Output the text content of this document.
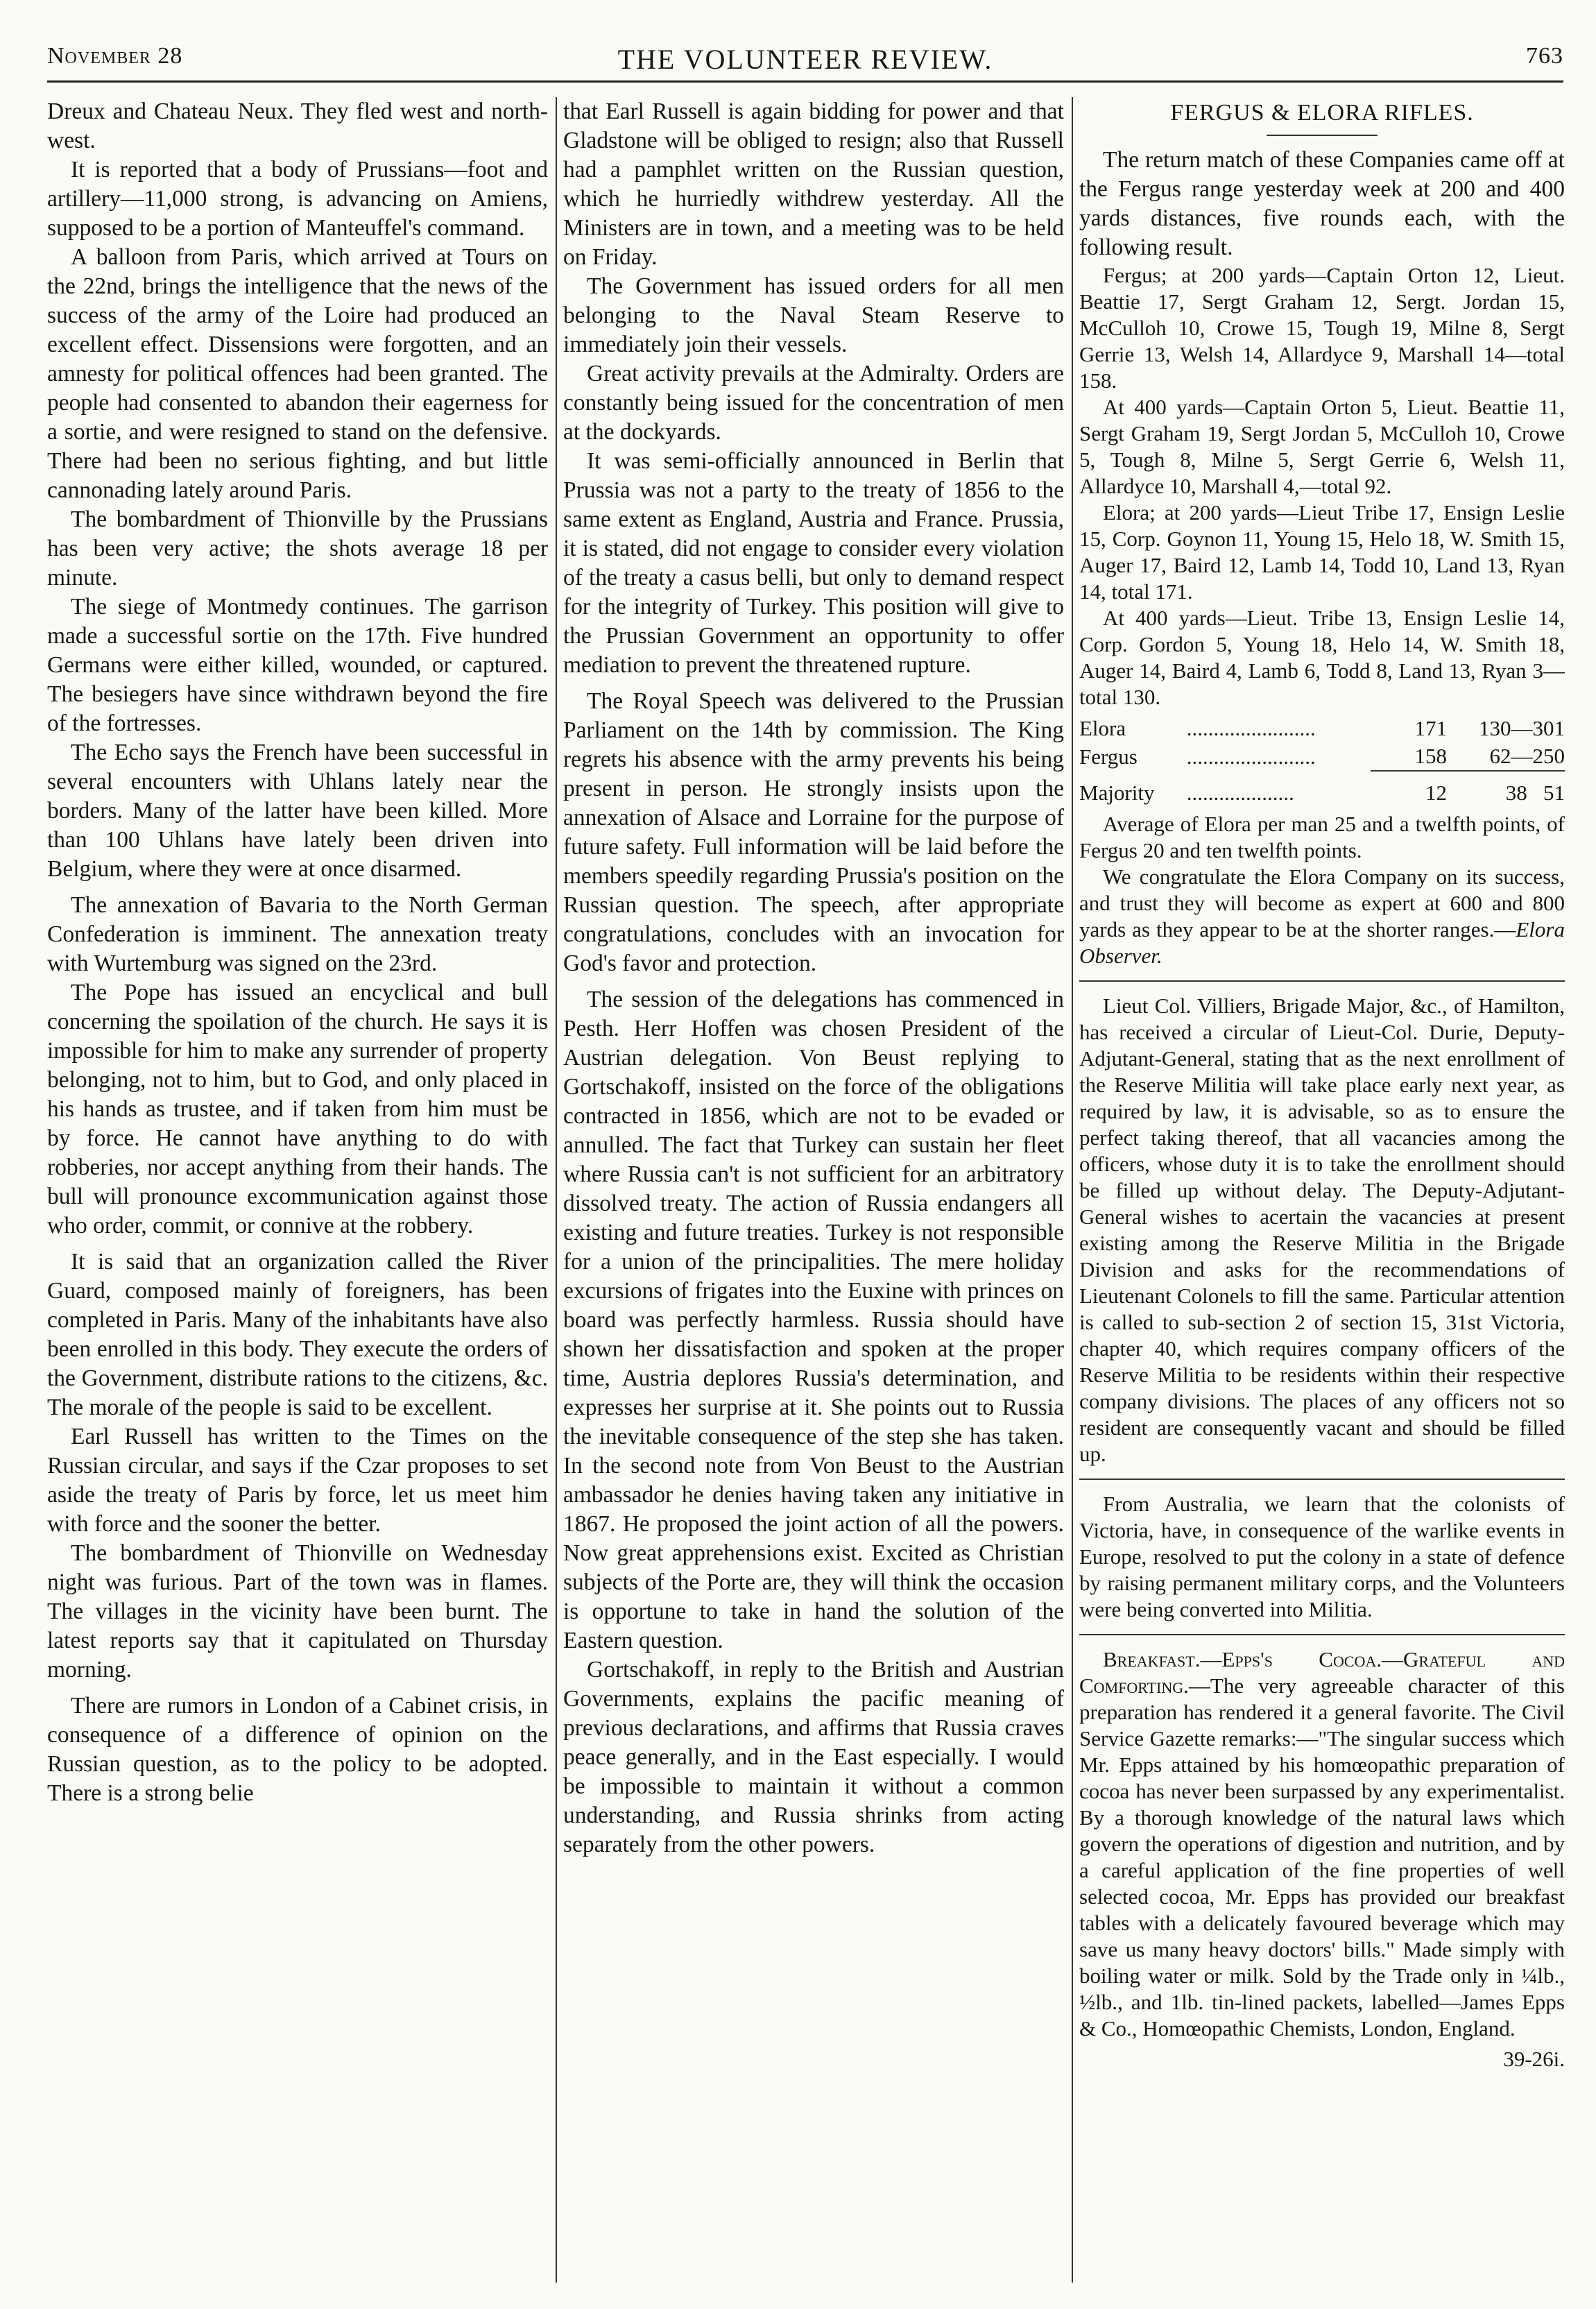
November 28	THE VOLUNTEER REVIEW.	763

Dreux and Chateau Neux. They fled west and north-west.

It is reported that a body of Prussians—foot and artillery—11,000 strong, is advancing on Amiens, supposed to be a portion of Manteuffel's command.

A balloon from Paris, which arrived at Tours on the 22nd, brings the intelligence that the news of the success of the army of the Loire had produced an excellent effect. Dissensions were forgotten, and an amnesty for political offences had been granted. The people had consented to abandon their eagerness for a sortie, and were resigned to stand on the defensive. There had been no serious fighting, and but little cannonading lately around Paris.

The bombardment of Thionville by the Prussians has been very active; the shots average 18 per minute.

The siege of Montmedy continues. The garrison made a successful sortie on the 17th. Five hundred Germans were either killed, wounded, or captured. The besiegers have since withdrawn beyond the fire of the fortresses.

The Echo says the French have been successful in several encounters with Uhlans lately near the borders. Many of the latter have been killed. More than 100 Uhlans have lately been driven into Belgium, where they were at once disarmed.

The annexation of Bavaria to the North German Confederation is imminent. The annexation treaty with Wurtemburg was signed on the 23rd.

The Pope has issued an encyclical and bull concerning the spoilation of the church. He says it is impossible for him to make any surrender of property belonging, not to him, but to God, and only placed in his hands as trustee, and if taken from him must be by force. He cannot have anything to do with robberies, nor accept anything from their hands. The bull will pronounce excommunication against those who order, commit, or connive at the robbery.

It is said that an organization called the River Guard, composed mainly of foreigners, has been completed in Paris. Many of the inhabitants have also been enrolled in this body. They execute the orders of the Government, distribute rations to the citizens, &c. The morale of the people is said to be excellent.

Earl Russell has written to the Times on the Russian circular, and says if the Czar proposes to set aside the treaty of Paris by force, let us meet him with force and the sooner the better.

The bombardment of Thionville on Wednesday night was furious. Part of the town was in flames. The villages in the vicinity have been burnt. The latest reports say that it capitulated on Thursday morning.

There are rumors in London of a Cabinet crisis, in consequence of a difference of opinion on the Russian question, as to the policy to be adopted. There is a strong belie

that Earl Russell is again bidding for power and that Gladstone will be obliged to resign; also that Russell had a pamphlet written on the Russian question, which he hurriedly withdrew yesterday. All the Ministers are in town, and a meeting was to be held on Friday.

The Government has issued orders for all men belonging to the Naval Steam Reserve to immediately join their vessels.

Great activity prevails at the Admiralty. Orders are constantly being issued for the concentration of men at the dockyards.

It was semi-officially announced in Berlin that Prussia was not a party to the treaty of 1856 to the same extent as England, Austria and France. Prussia, it is stated, did not engage to consider every violation of the treaty a casus belli, but only to demand respect for the integrity of Turkey. This position will give to the Prussian Government an opportunity to offer mediation to prevent the threatened rupture.

The Royal Speech was delivered to the Prussian Parliament on the 14th by commission. The King regrets his absence with the army prevents his being present in person. He strongly insists upon the annexation of Alsace and Lorraine for the purpose of future safety. Full information will be laid before the members speedily regarding Prussia's position on the Russian question. The speech, after appropriate congratulations, concludes with an invocation for God's favor and protection.

The session of the delegations has commenced in Pesth. Herr Hoffen was chosen President of the Austrian delegation. Von Beust replying to Gortschakoff, insisted on the force of the obligations contracted in 1856, which are not to be evaded or annulled. The fact that Turkey can sustain her fleet where Russia can't is not sufficient for an arbitratory dissolved treaty. The action of Russia endangers all existing and future treaties. Turkey is not responsible for a union of the principalities. The mere holiday excursions of frigates into the Euxine with princes on board was perfectly harmless. Russia should have shown her dissatisfaction and spoken at the proper time, Austria deplores Russia's determination, and expresses her surprise at it. She points out to Russia the inevitable consequence of the step she has taken. In the second note from Von Beust to the Austrian ambassador he denies having taken any initiative in 1867. He proposed the joint action of all the powers. Now great apprehensions exist. Excited as Christian subjects of the Porte are, they will think the occasion is opportune to take in hand the solution of the Eastern question.

Gortschakoff, in reply to the British and Austrian Governments, explains the pacific meaning of previous declarations, and affirms that Russia craves peace generally, and in the East especially. I would be impossible to maintain it without a common understanding, and Russia shrinks from acting separately from the other powers.

FERGUS & ELORA RIFLES.

The return match of these Companies came off at the Fergus range yesterday week at 200 and 400 yards distances, five rounds each, with the following result.

Fergus; at 200 yards—Captain Orton 12, Lieut. Beattie 17, Sergt Graham 12, Sergt. Jordan 15, McCulloh 10, Crowe 15, Tough 19, Milne 8, Sergt Gerrie 13, Welsh 14, Allardyce 9, Marshall 14—total 158.

At 400 yards—Captain Orton 5, Lieut. Beattie 11, Sergt Graham 19, Sergt Jordan 5, McCulloh 10, Crowe 5, Tough 8, Milne 5, Sergt Gerrie 6, Welsh 11, Allardyce 10, Marshall 4,—total 92.

Elora; at 200 yards—Lieut Tribe 17, Ensign Leslie 15, Corp. Goynon 11, Young 15, Helo 18, W. Smith 15, Auger 17, Baird 12, Lamb 14, Todd 10, Land 13, Ryan 14, total 171.

At 400 yards—Lieut. Tribe 13, Ensign Leslie 14, Corp. Gordon 5, Young 18, Helo 14, W. Smith 18, Auger 14, Baird 4, Lamb 6, Todd 8, Land 13, Ryan 3—total 130.

Elora	........................	171	130—301
Fergus	........................	158	62—250
Majority	....................	12	38 51

Average of Elora per man 25 and a twelfth points, of Fergus 20 and ten twelfth points.

We congratulate the Elora Company on its success, and trust they will become as expert at 600 and 800 yards as they appear to be at the shorter ranges.—Elora Observer.

Lieut Col. Villiers, Brigade Major, &c., of Hamilton, has received a circular of Lieut-Col. Durie, Deputy-Adjutant-General, stating that as the next enrollment of the Reserve Militia will take place early next year, as required by law, it is advisable, so as to ensure the perfect taking thereof, that all vacancies among the officers, whose duty it is to take the enrollment should be filled up without delay. The Deputy-Adjutant-General wishes to acertain the vacancies at present existing among the Reserve Militia in the Brigade Division and asks for the recommendations of Lieutenant Colonels to fill the same. Particular attention is called to sub-section 2 of section 15, 31st Victoria, chapter 40, which requires company officers of the Reserve Militia to be residents within their respective company divisions. The places of any officers not so resident are consequently vacant and should be filled up.

From Australia, we learn that the colonists of Victoria, have, in consequence of the warlike events in Europe, resolved to put the colony in a state of defence by raising permanent military corps, and the Volunteers were being converted into Militia.

Breakfast.—Epps's Cocoa.—Grateful and Comforting.—The very agreeable character of this preparation has rendered it a general favorite. The Civil Service Gazette remarks:—"The singular success which Mr. Epps attained by his homœopathic preparation of cocoa has never been surpassed by any experimentalist. By a thorough knowledge of the natural laws which govern the operations of digestion and nutrition, and by a careful application of the fine properties of well selected cocoa, Mr. Epps has provided our breakfast tables with a delicately favoured beverage which may save us many heavy doctors' bills." Made simply with boiling water or milk. Sold by the Trade only in ¼lb., ½lb., and 1lb. tin-lined packets, labelled—James Epps & Co., Homœopathic Chemists, London, England.

39-26i.
